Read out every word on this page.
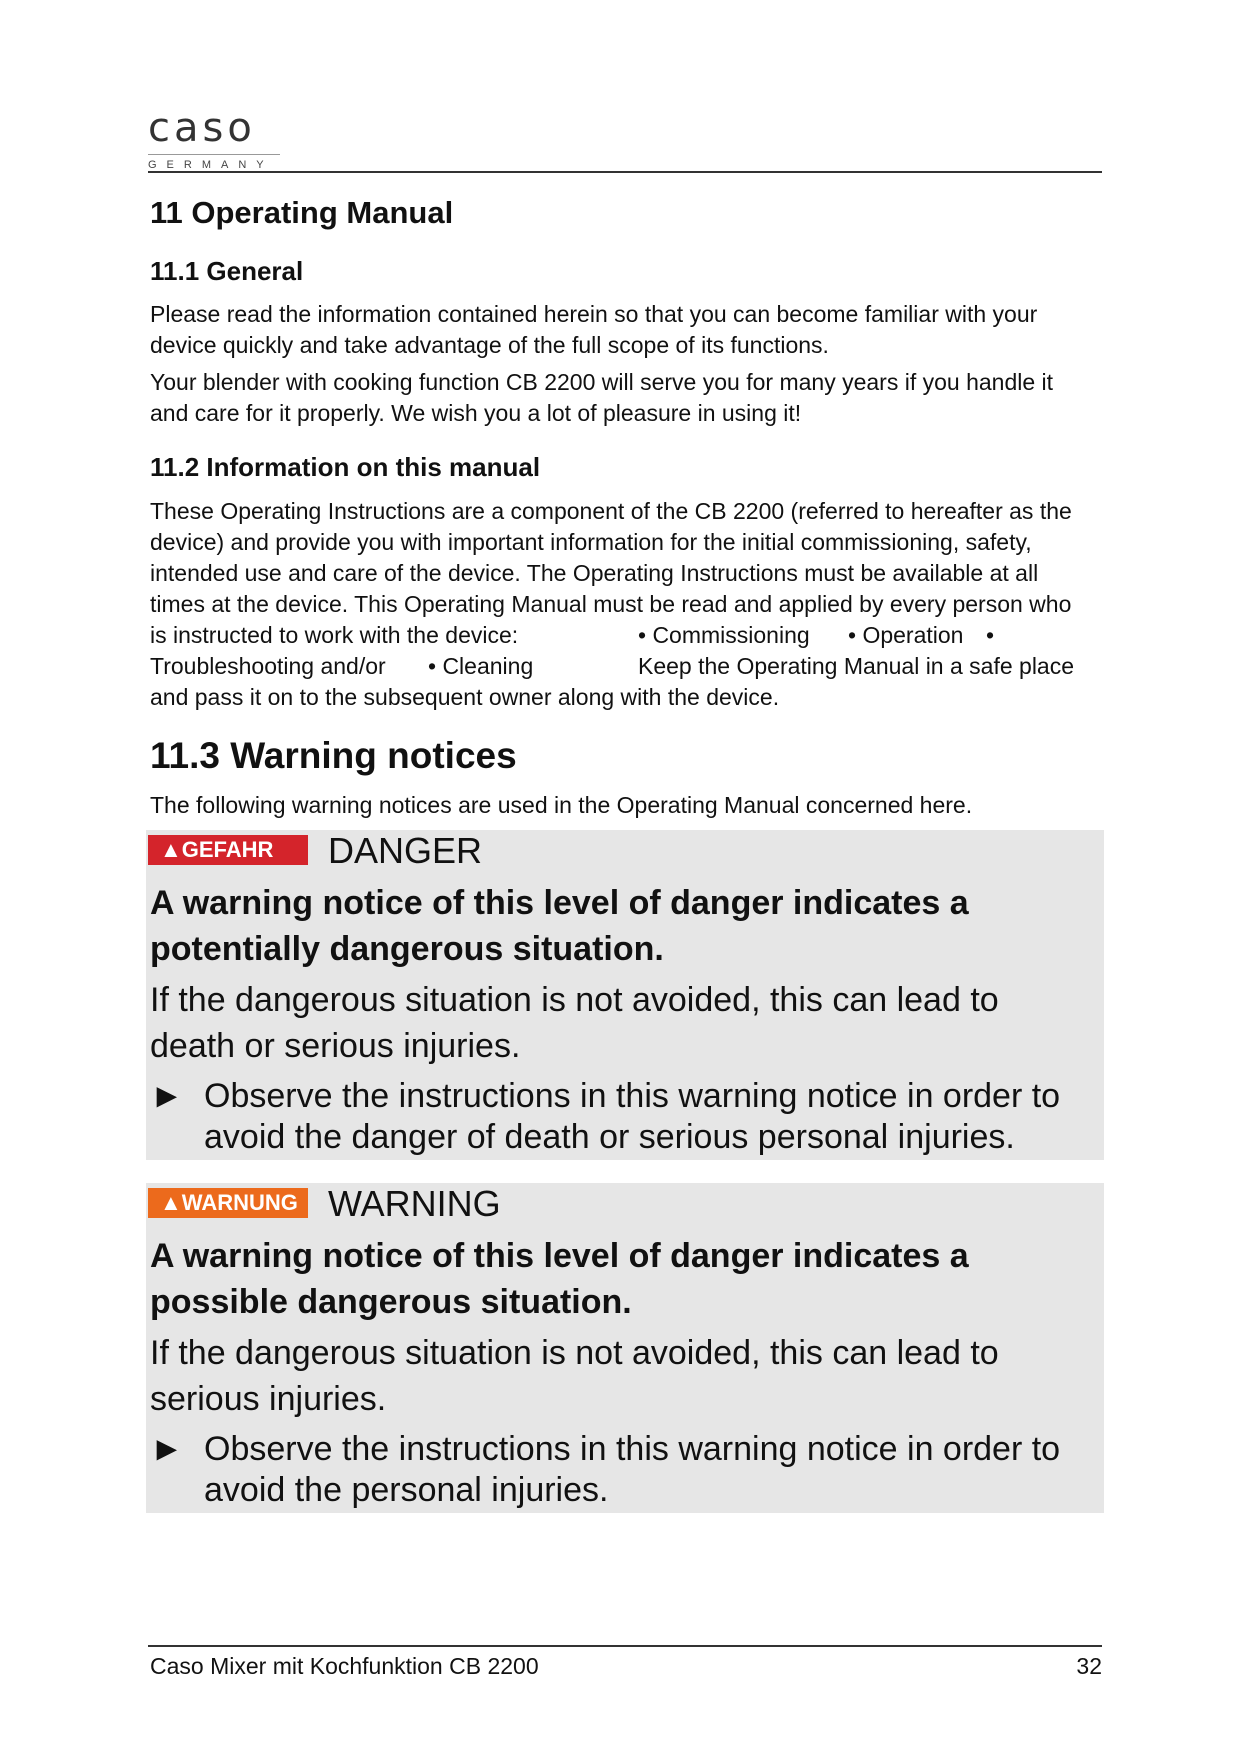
caso
GERMANY
11 Operating Manual
11.1 General
Please read the information contained herein so that you can become familiar with your
device quickly and take advantage of the full scope of its functions.
Your blender with cooking function CB 2200 will serve you for many years if you handle it
and care for it properly. We wish you a lot of pleasure in using it!
11.2 Information on this manual
These Operating Instructions are a component of the CB 2200 (referred to hereafter as the
device) and provide you with important information for the initial commissioning, safety,
intended use and care of the device. The Operating Instructions must be available at all
times at the device. This Operating Manual must be read and applied by every person who
is instructed to work with the device:	• Commissioning • Operation •
Troubleshooting and/or • Cleaning	Keep the Operating Manual in a safe place
and pass it on to the subsequent owner along with the device.
11.3 Warning notices
The following warning notices are used in the Operating Manual concerned here.
▲GEFAHR	DANGER
A warning notice of this level of danger indicates a
potentially dangerous situation.
If the dangerous situation is not avoided, this can lead to
death or serious injuries.
► Observe the instructions in this warning notice in order to
avoid the danger of death or serious personal injuries.
▲WARNUNG WARNING
A warning notice of this level of danger indicates a
possible dangerous situation.
If the dangerous situation is not avoided, this can lead to
serious injuries.
► Observe the instructions in this warning notice in order to
avoid the personal injuries.
Caso Mixer mit Kochfunktion CB 2200	32
